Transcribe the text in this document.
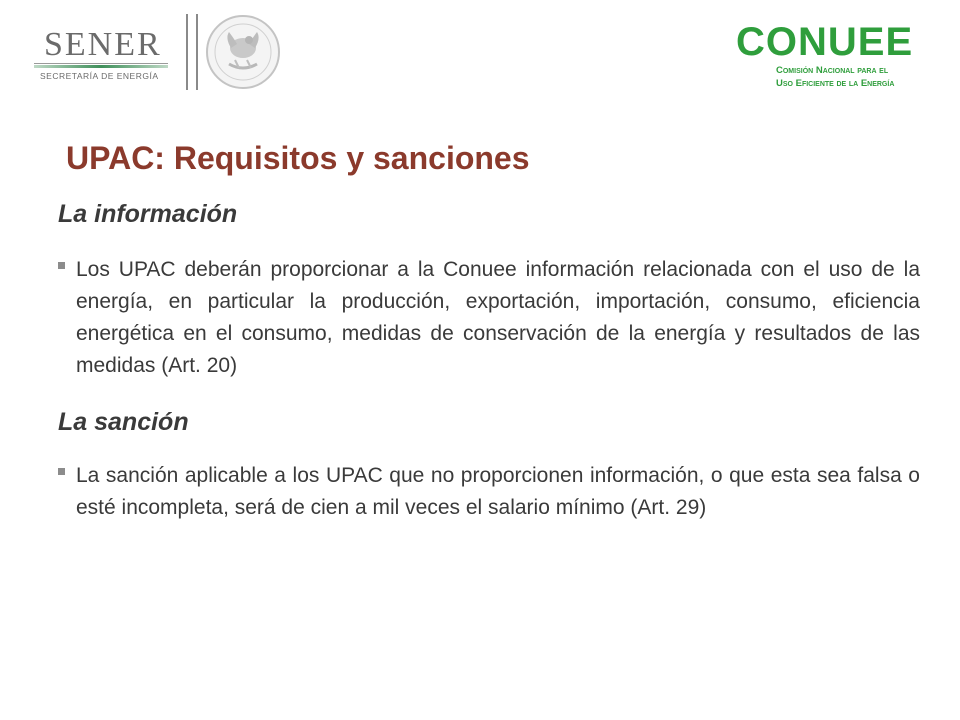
SENER
SECRETARÍA DE ENERGÍA
CONUEE
Comisión Nacional para el
Uso Eficiente de la Energía
UPAC: Requisitos y sanciones
La información
Los UPAC deberán proporcionar a la Conuee información relacionada con el uso de la energía, en particular la producción, exportación, importación, consumo, eficiencia energética en el consumo, medidas de conservación de la energía y resultados de las medidas (Art. 20)
La sanción
La sanción aplicable a los UPAC que no proporcionen información, o que esta sea falsa o esté incompleta, será de cien a mil veces el salario mínimo (Art. 29)
